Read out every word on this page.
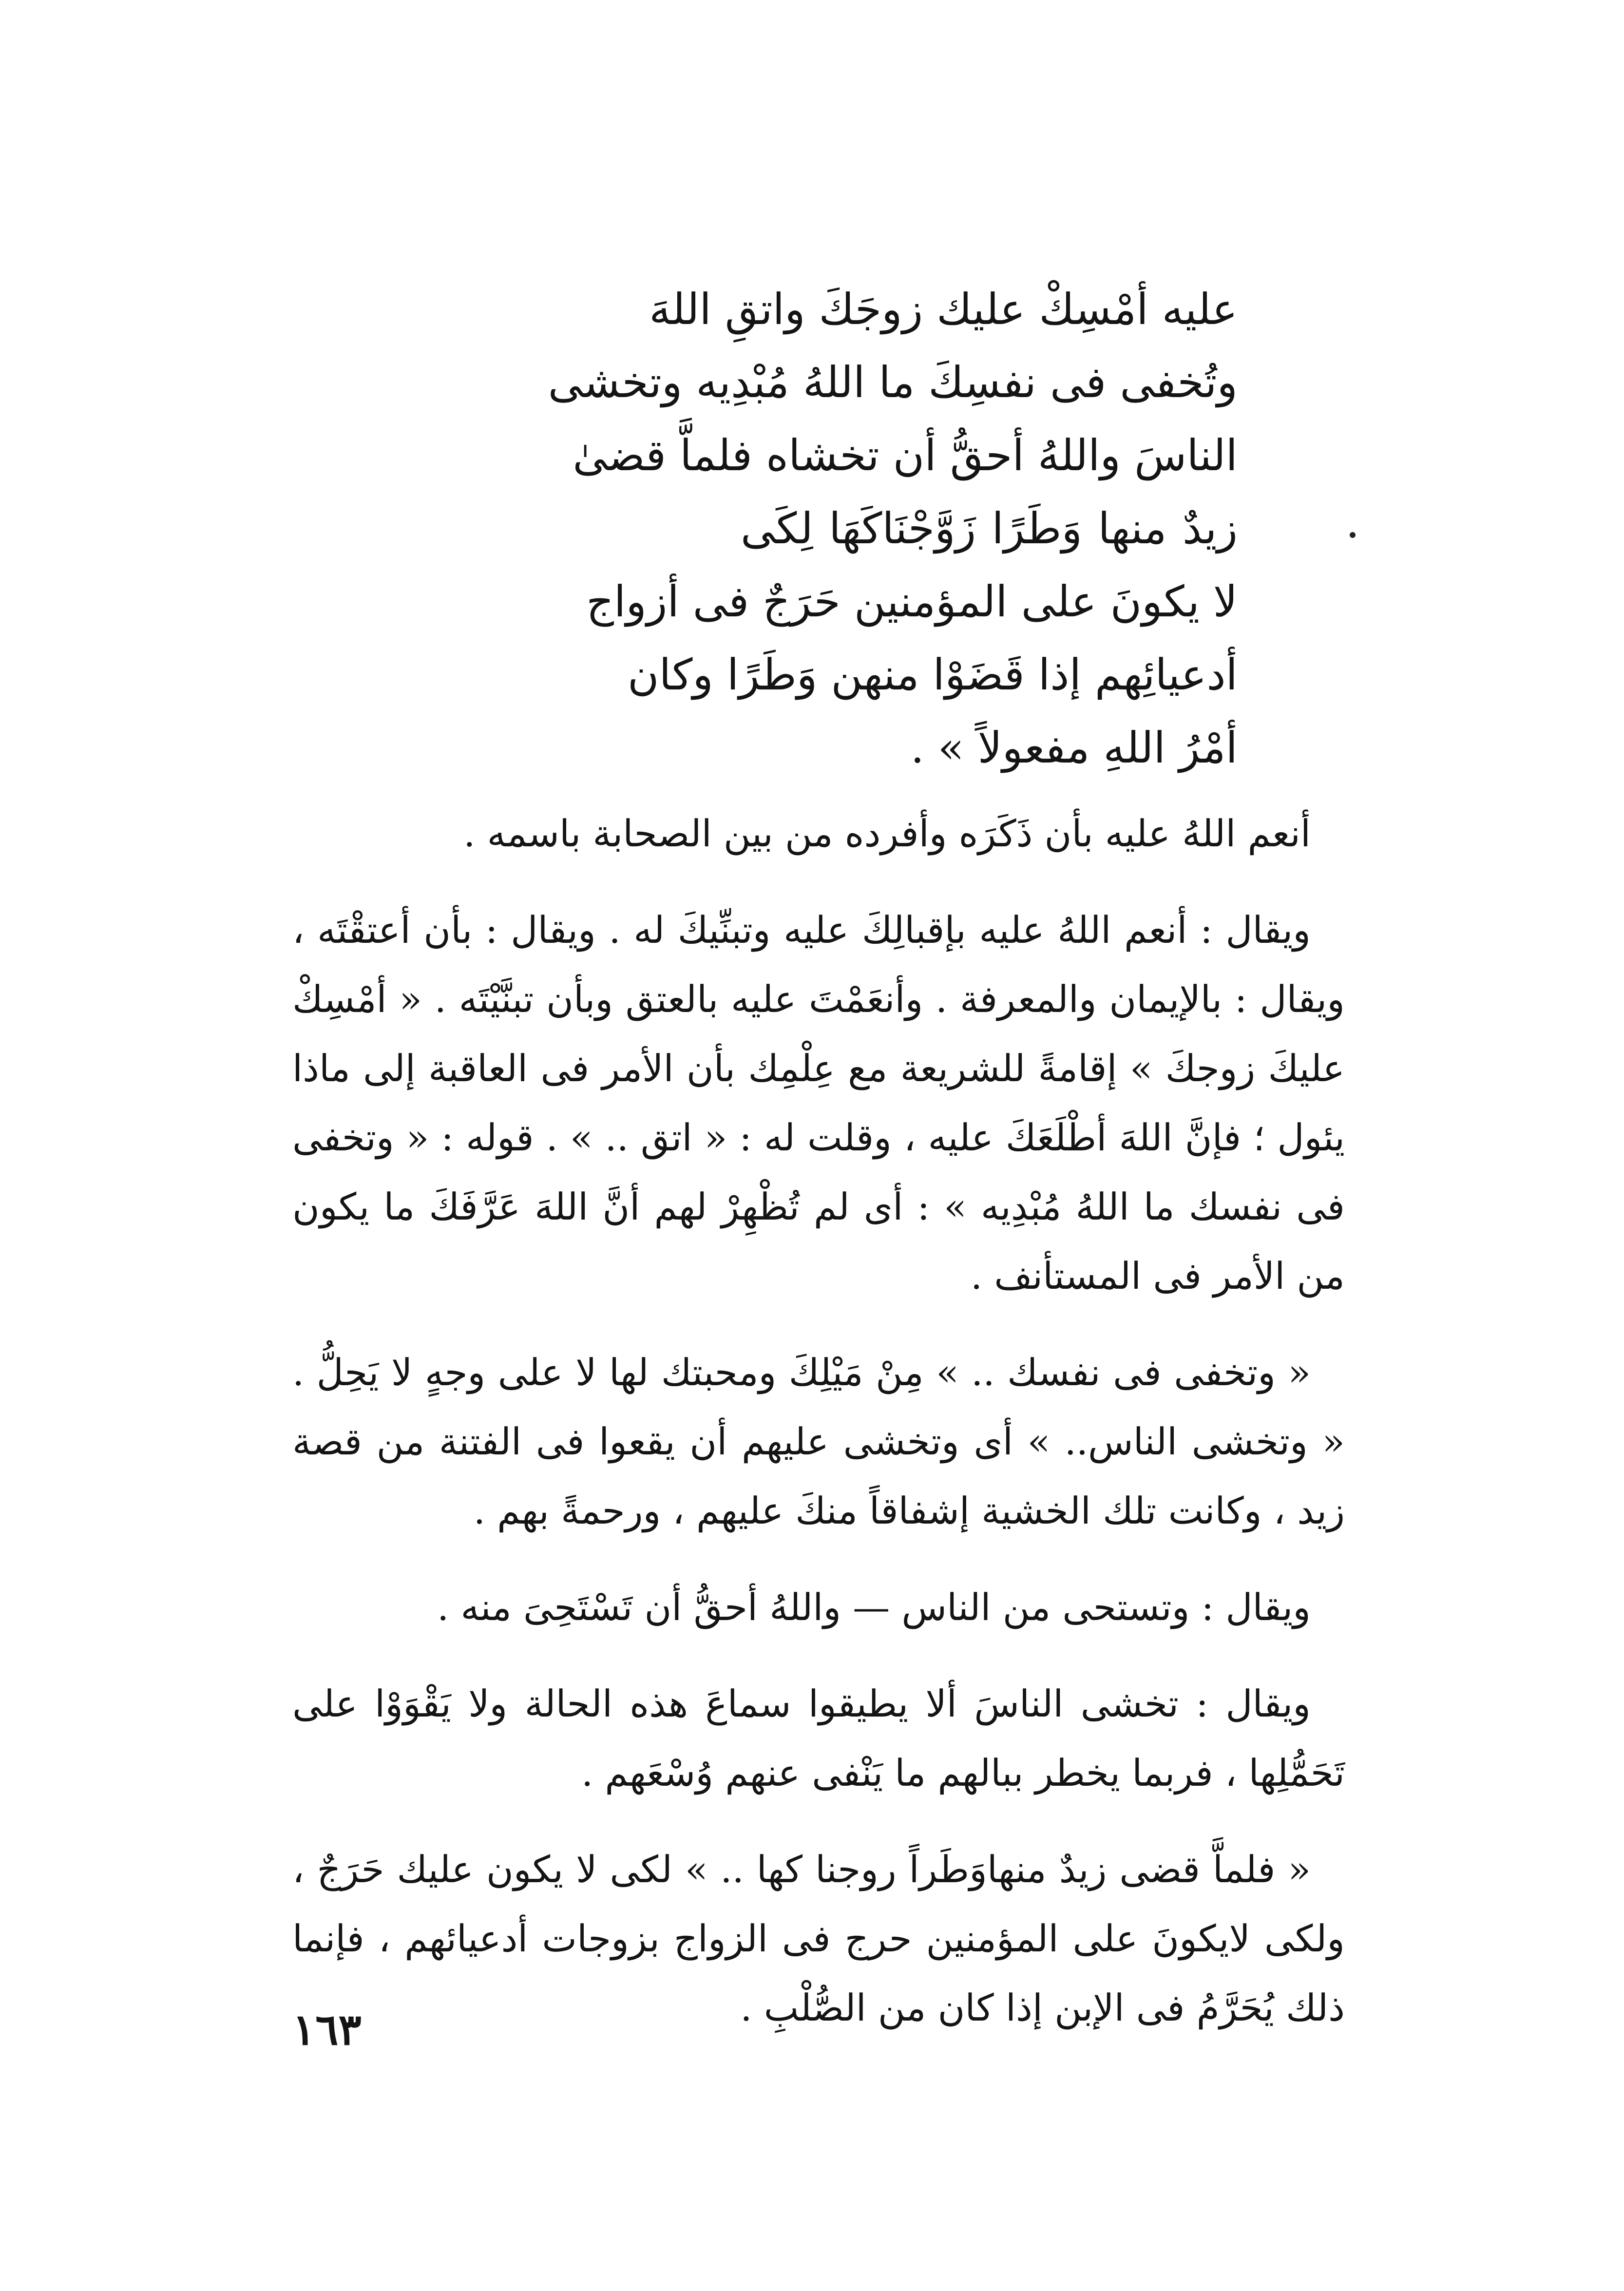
عليه أمْسِكْ عليك زوجَكَ واتقِ اللهَ
وتُخفى فى نفسِكَ ما اللهُ مُبْدِيه وتخشى
الناسَ واللهُ أحقُّ أن تخشاه فلماَّ قضىٰ
زيدٌ منها وَطَرًا زَوَّجْنَاكَهَا لِكَى
لا يكونَ على المؤمنين حَرَجٌ فى أزواج
أدعيائِهم إذا قَضَوْا منهن وَطَرًا وكان
أمْرُ اللهِ مفعولاً » .

أنعم اللهُ عليه بأن ذَكَرَه وأفرده من بين الصحابة باسمه .

ويقال : أنعم اللهُ عليه بإقبالِكَ عليه وتبنِّيكَ له . ويقال : بأن أعتقْتَه ، ويقال : بالإيمان والمعرفة . وأنعَمْتَ عليه بالعتق وبأن تبنَّيْتَه . « أمْسِكْ عليكَ زوجكَ » إقامةً للشريعة مع عِلْمِك بأن الأمر فى العاقبة إلى ماذا يئول ؛ فإنَّ اللهَ أطْلَعَكَ عليه ، وقلت له : « اتق .. » . قوله : « وتخفى فى نفسك ما اللهُ مُبْدِيه » : أى لم تُظْهِرْ لهم أنَّ اللهَ عَرَّفَكَ ما يكون من الأمر فى المستأنف .

« وتخفى فى نفسك .. » مِنْ مَيْلِكَ ومحبتك لها لا على وجهٍ لا يَحِلُّ . « وتخشى الناس.. » أى وتخشى عليهم أن يقعوا فى الفتنة من قصة زيد ، وكانت تلك الخشية إشفاقاً منكَ عليهم ، ورحمةً بهم .

ويقال : وتستحى من الناس — واللهُ أحقُّ أن تَسْتَحِىَ منه .

ويقال : تخشى الناسَ ألا يطيقوا سماعَ هذه الحالة ولا يَقْوَوْا على تَحَمُّلِها ، فربما يخطر ببالهم ما يَنْفى عنهم وُسْعَهم .

« فلماَّ قضى زيدٌ منهاوَطَراً روجنا كها .. » لكى لا يكون عليك حَرَجٌ ، ولكى لايكونَ على المؤمنين حرج فى الزواج بزوجات أدعيائهم ، فإنما ذلك يُحَرَّمُ فى الإبن إذا كان من الصُّلْبِ .

١٦٣
